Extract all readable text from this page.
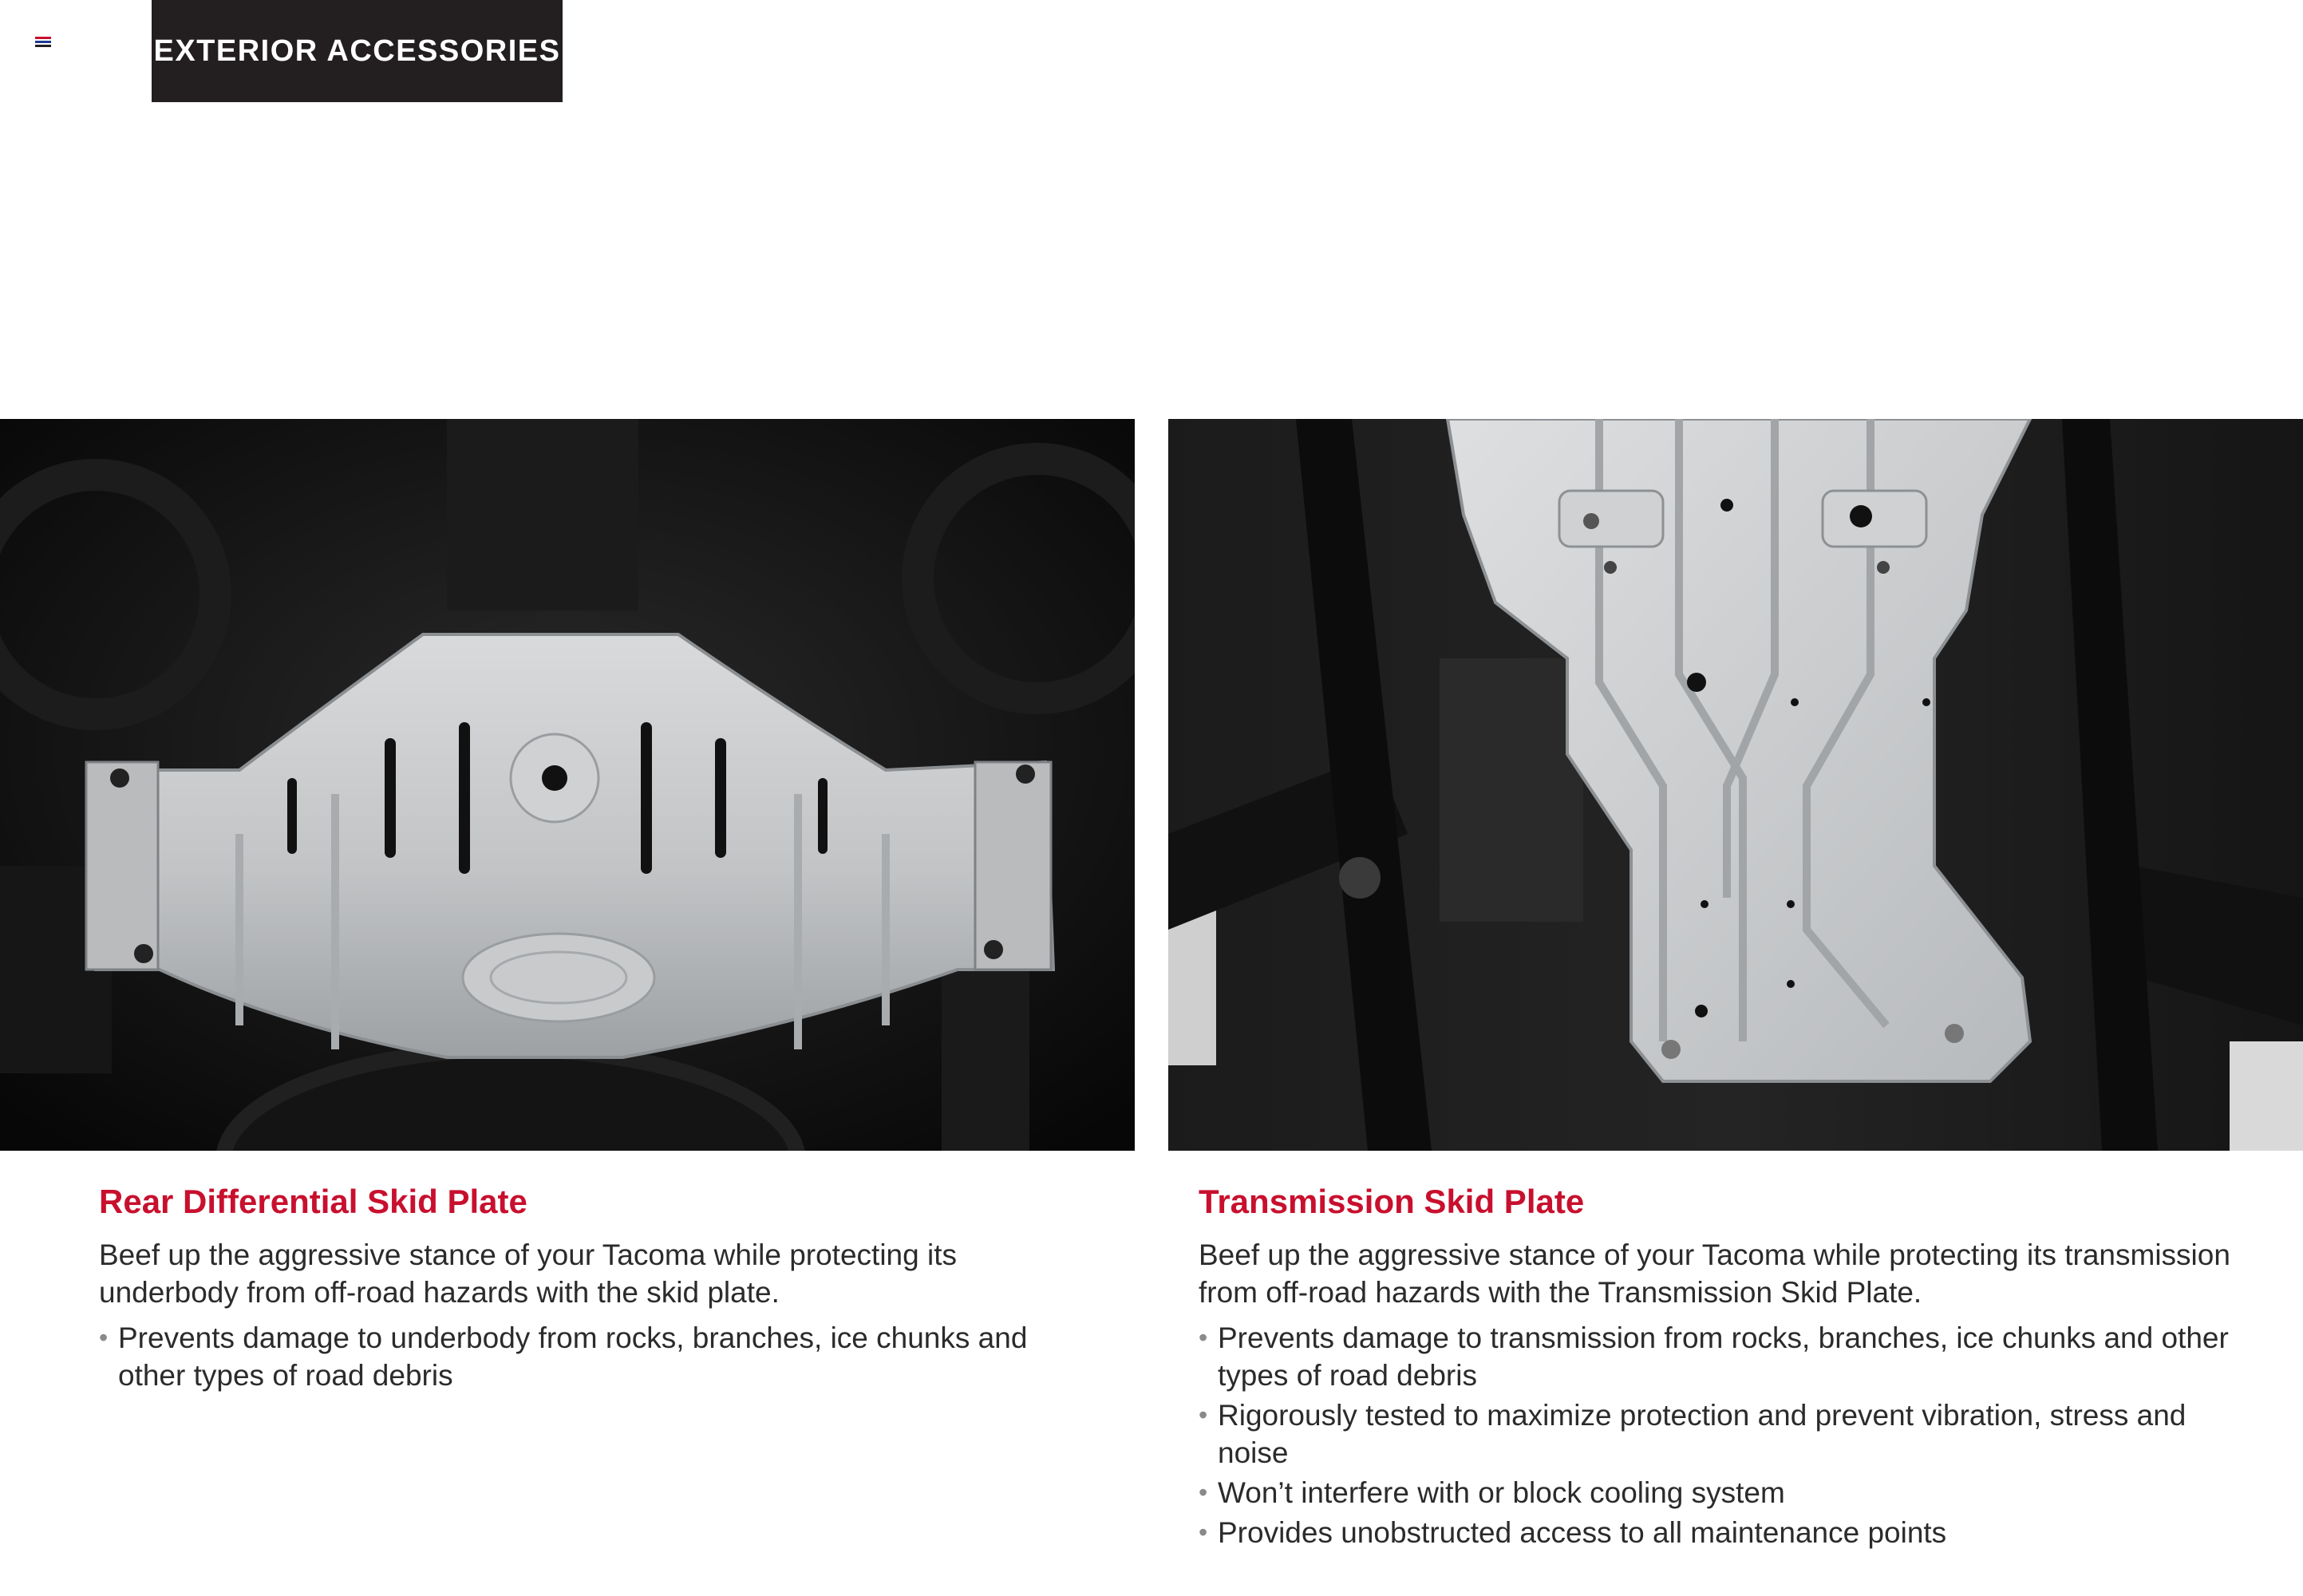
EXTERIOR ACCESSORIES
Rear Differential Skid Plate

Beef up the aggressive stance of your Tacoma while protecting its underbody from off-road hazards with the skid plate.

• Prevents damage to underbody from rocks, branches, ice chunks and other types of road debris
Transmission Skid Plate

Beef up the aggressive stance of your Tacoma while protecting its transmission from off-road hazards with the Transmission Skid Plate.

• Prevents damage to transmission from rocks, branches, ice chunks and other types of road debris
• Rigorously tested to maximize protection and prevent vibration, stress and noise
• Won’t interfere with or block cooling system
• Provides unobstructed access to all maintenance points
